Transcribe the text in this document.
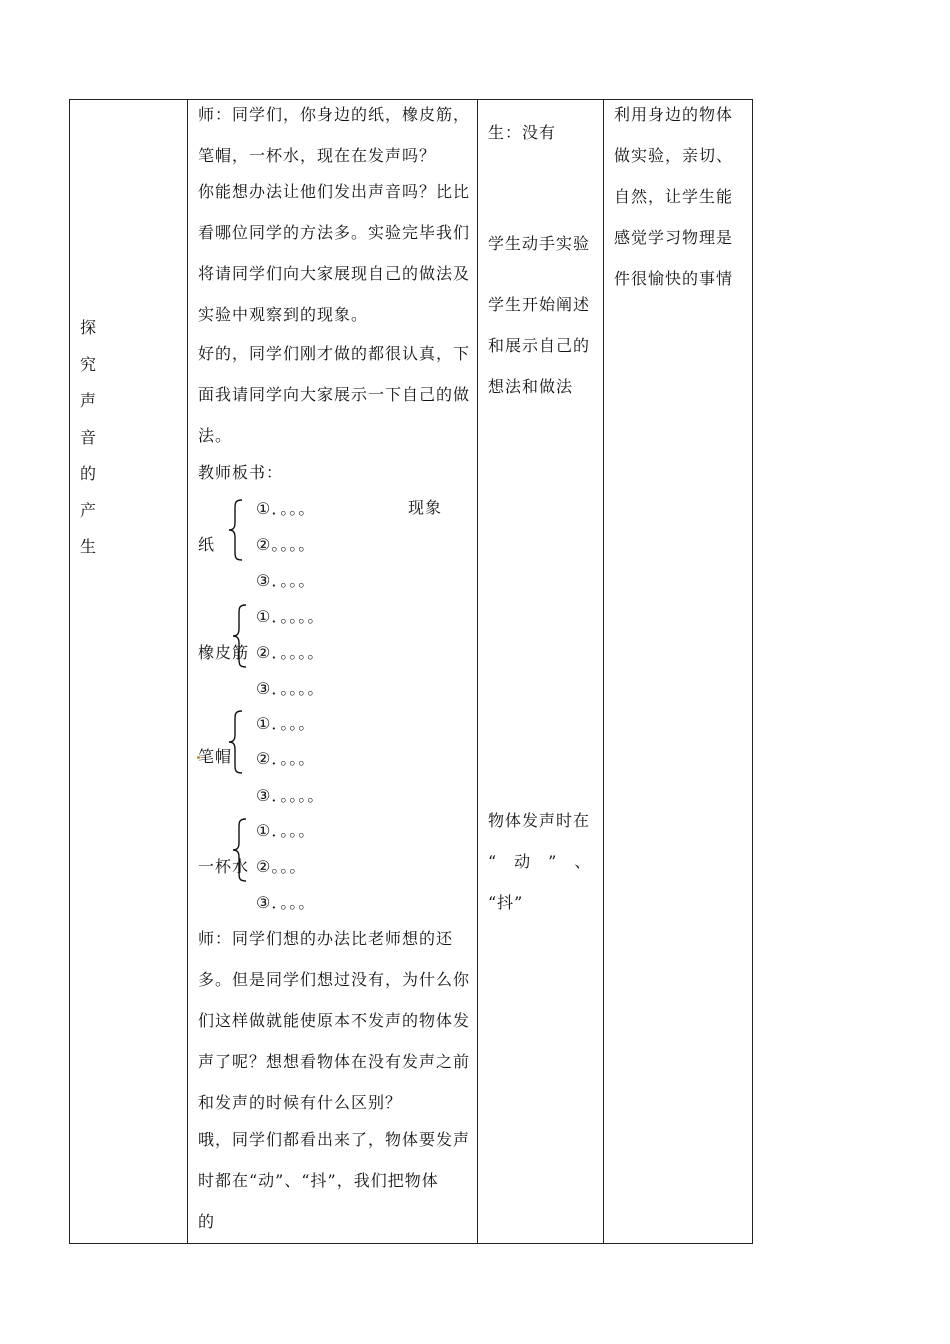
探
究
声
音
的
产
生
师：同学们，你身边的纸，橡皮筋，
笔帽，一杯水，现在在发声吗？
你能想办法让他们发出声音吗？比比
看哪位同学的方法多。实验完毕我们
将请同学们向大家展现自己的做法及
实验中观察到的现象。
好的，同学们刚才做的都很认真，下
面我请同学向大家展示一下自己的做
法。
教师板书：
现象
纸
①．。。。
②。。。。
③．。。。
橡皮筋
①．。。。。
②．。。。。
③．。。。。
笔帽
①．。。。
②．。。。
③．。。。。
一杯水
①．。。。
②。。。
③．。。。
师：同学们想的办法比老师想的还
多。但是同学们想过没有，为什么你
们这样做就能使原本不发声的物体发
声了呢？想想看物体在没有发声之前
和发声的时候有什么区别？
哦，同学们都看出来了，物体要发声
时都在“动”、“抖”，我们把物体
的
生：没有
学生动手实验
学生开始阐述
和展示自己的
想法和做法
物体发声时在
“　动　”　、
“抖”
利用身边的物体
做实验，亲切、
自然，让学生能
感觉学习物理是
件很愉快的事情
